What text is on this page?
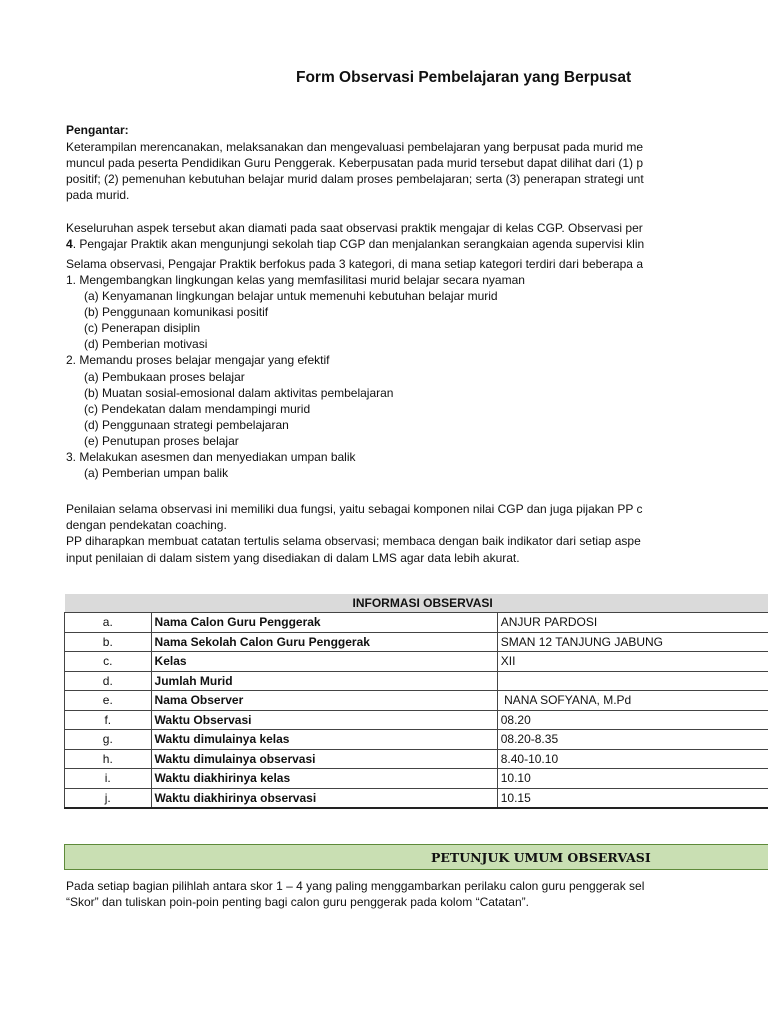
Form Observasi Pembelajaran yang Berpusat
Pengantar:
Keterampilan merencanakan, melaksanakan dan mengevaluasi pembelajaran yang berpusat pada murid me
muncul pada peserta Pendidikan Guru Penggerak. Keberpusatan pada murid tersebut dapat dilihat dari (1) p
positif; (2) pemenuhan kebutuhan belajar murid dalam proses pembelajaran; serta (3) penerapan strategi unt
pada murid.
Keseluruhan aspek tersebut akan diamati pada saat observasi praktik mengajar di kelas CGP. Observasi per
4. Pengajar Praktik akan mengunjungi sekolah tiap CGP dan menjalankan serangkaian agenda supervisi klin
Selama observasi, Pengajar Praktik berfokus pada 3 kategori, di mana setiap kategori terdiri dari beberapa a
1. Mengembangkan lingkungan kelas yang memfasilitasi murid belajar secara nyaman
(a) Kenyamanan lingkungan belajar untuk memenuhi kebutuhan belajar murid
(b) Penggunaan komunikasi positif
(c) Penerapan disiplin
(d) Pemberian motivasi
2. Memandu proses belajar mengajar yang efektif
(a) Pembukaan proses belajar
(b) Muatan sosial-emosional dalam aktivitas pembelajaran
(c) Pendekatan dalam mendampingi murid
(d) Penggunaan strategi pembelajaran
(e) Penutupan proses belajar
3. Melakukan asesmen dan menyediakan umpan balik
(a) Pemberian umpan balik
Penilaian selama observasi ini memiliki dua fungsi, yaitu sebagai komponen nilai CGP dan juga pijakan PP c
dengan pendekatan coaching.
PP diharapkan membuat catatan tertulis selama observasi; membaca dengan baik indikator dari setiap aspe
input penilaian di dalam sistem yang disediakan di dalam LMS agar data lebih akurat.
INFORMASI OBSERVASI		
a.	Nama Calon Guru Penggerak	ANJUR PARDOSI
b.	Nama Sekolah Calon Guru Penggerak	SMAN 12 TANJUNG JABUNG
c.	Kelas	XII
d.	Jumlah Murid	
e.	Nama Observer	NANA SOFYANA, M.Pd
f.	Waktu Observasi	08.20
g.	Waktu dimulainya kelas	08.20-8.35
h.	Waktu dimulainya observasi	8.40-10.10
i.	Waktu diakhirinya kelas	10.10
j.	Waktu diakhirinya observasi	10.15
PETUNJUK UMUM OBSERVASI
Pada setiap bagian pilihlah antara skor 1 – 4 yang paling menggambarkan perilaku calon guru penggerak sel
“Skor” dan tuliskan poin-poin penting bagi calon guru penggerak pada kolom “Catatan”.
